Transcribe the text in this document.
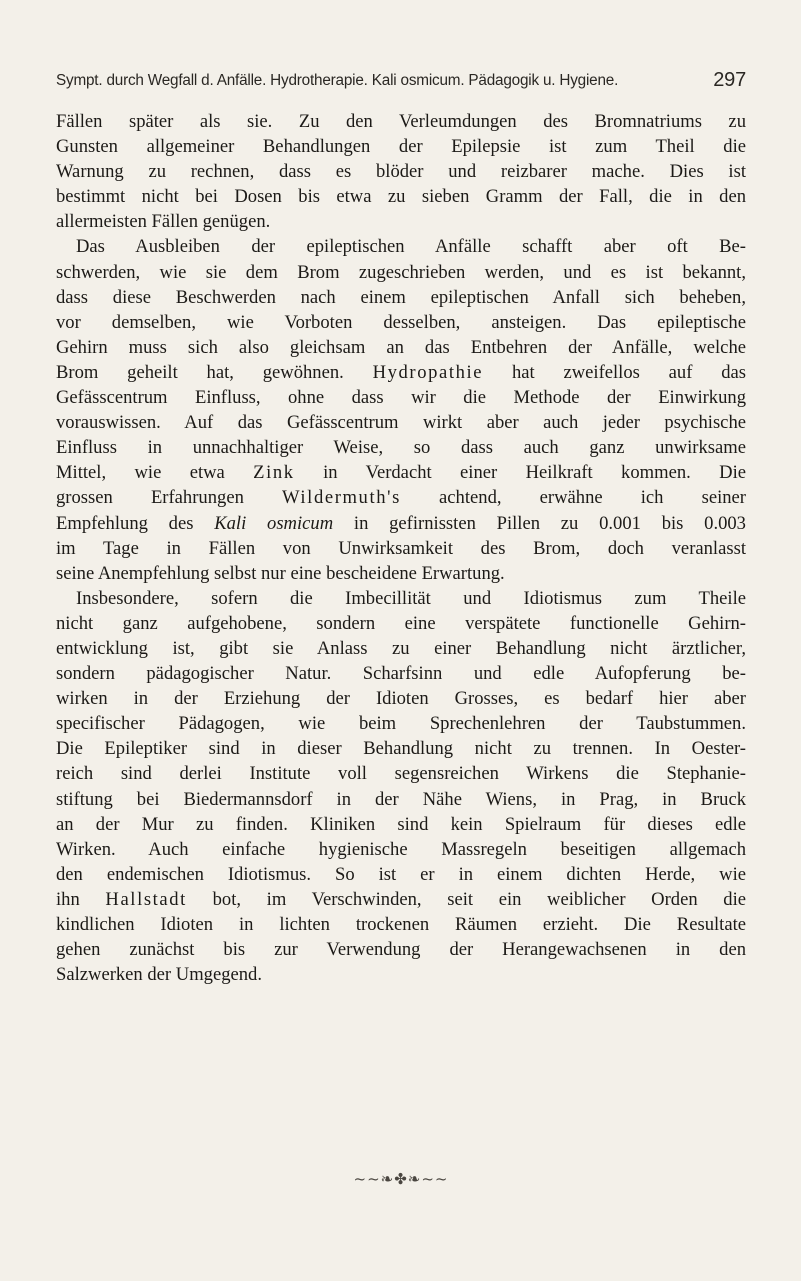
Sympt. durch Wegfall d. Anfälle. Hydrotherapie. Kali osmicum. Pädagogik u. Hygiene.	297
Fällen später als sie. Zu den Verleumdungen des Bromnatriums zu
Gunsten allgemeiner Behandlungen der Epilepsie ist zum Theil die
Warnung zu rechnen, dass es blöder und reizbarer mache. Dies ist
bestimmt nicht bei Dosen bis etwa zu sieben Gramm der Fall, die in den
allermeisten Fällen genügen.
Das Ausbleiben der epileptischen Anfälle schafft aber oft Be-
schwerden, wie sie dem Brom zugeschrieben werden, und es ist bekannt,
dass diese Beschwerden nach einem epileptischen Anfall sich beheben,
vor demselben, wie Vorboten desselben, ansteigen. Das epileptische
Gehirn muss sich also gleichsam an das Entbehren der Anfälle, welche
Brom geheilt hat, gewöhnen. Hydropathie hat zweifellos auf das
Gefässcentrum Einfluss, ohne dass wir die Methode der Einwirkung
vorauswissen. Auf das Gefässcentrum wirkt aber auch jeder psychische
Einfluss in unnachhaltiger Weise, so dass auch ganz unwirksame
Mittel, wie etwa Zink in Verdacht einer Heilkraft kommen. Die
grossen Erfahrungen Wildermuth's achtend, erwähne ich seiner
Empfehlung des Kali osmicum in gefirnissten Pillen zu 0.001 bis 0.003
im Tage in Fällen von Unwirksamkeit des Brom, doch veranlasst
seine Anempfehlung selbst nur eine bescheidene Erwartung.
Insbesondere, sofern die Imbecillität und Idiotismus zum Theile
nicht ganz aufgehobene, sondern eine verspätete functionelle Gehirn-
entwicklung ist, gibt sie Anlass zu einer Behandlung nicht ärztlicher,
sondern pädagogischer Natur. Scharfsinn und edle Aufopferung be-
wirken in der Erziehung der Idioten Grosses, es bedarf hier aber
specifischer Pädagogen, wie beim Sprechenlehren der Taubstummen.
Die Epileptiker sind in dieser Behandlung nicht zu trennen. In Oester-
reich sind derlei Institute voll segensreichen Wirkens die Stephanie-
stiftung bei Biedermannsdorf in der Nähe Wiens, in Prag, in Bruck
an der Mur zu finden. Kliniken sind kein Spielraum für dieses edle
Wirken. Auch einfache hygienische Massregeln beseitigen allgemach
den endemischen Idiotismus. So ist er in einem dichten Herde, wie
ihn Hallstadt bot, im Verschwinden, seit ein weiblicher Orden die
kindlichen Idioten in lichten trockenen Räumen erzieht. Die Resultate
gehen zunächst bis zur Verwendung der Herangewachsenen in den
Salzwerken der Umgegend.
~~❧✤❧~~
